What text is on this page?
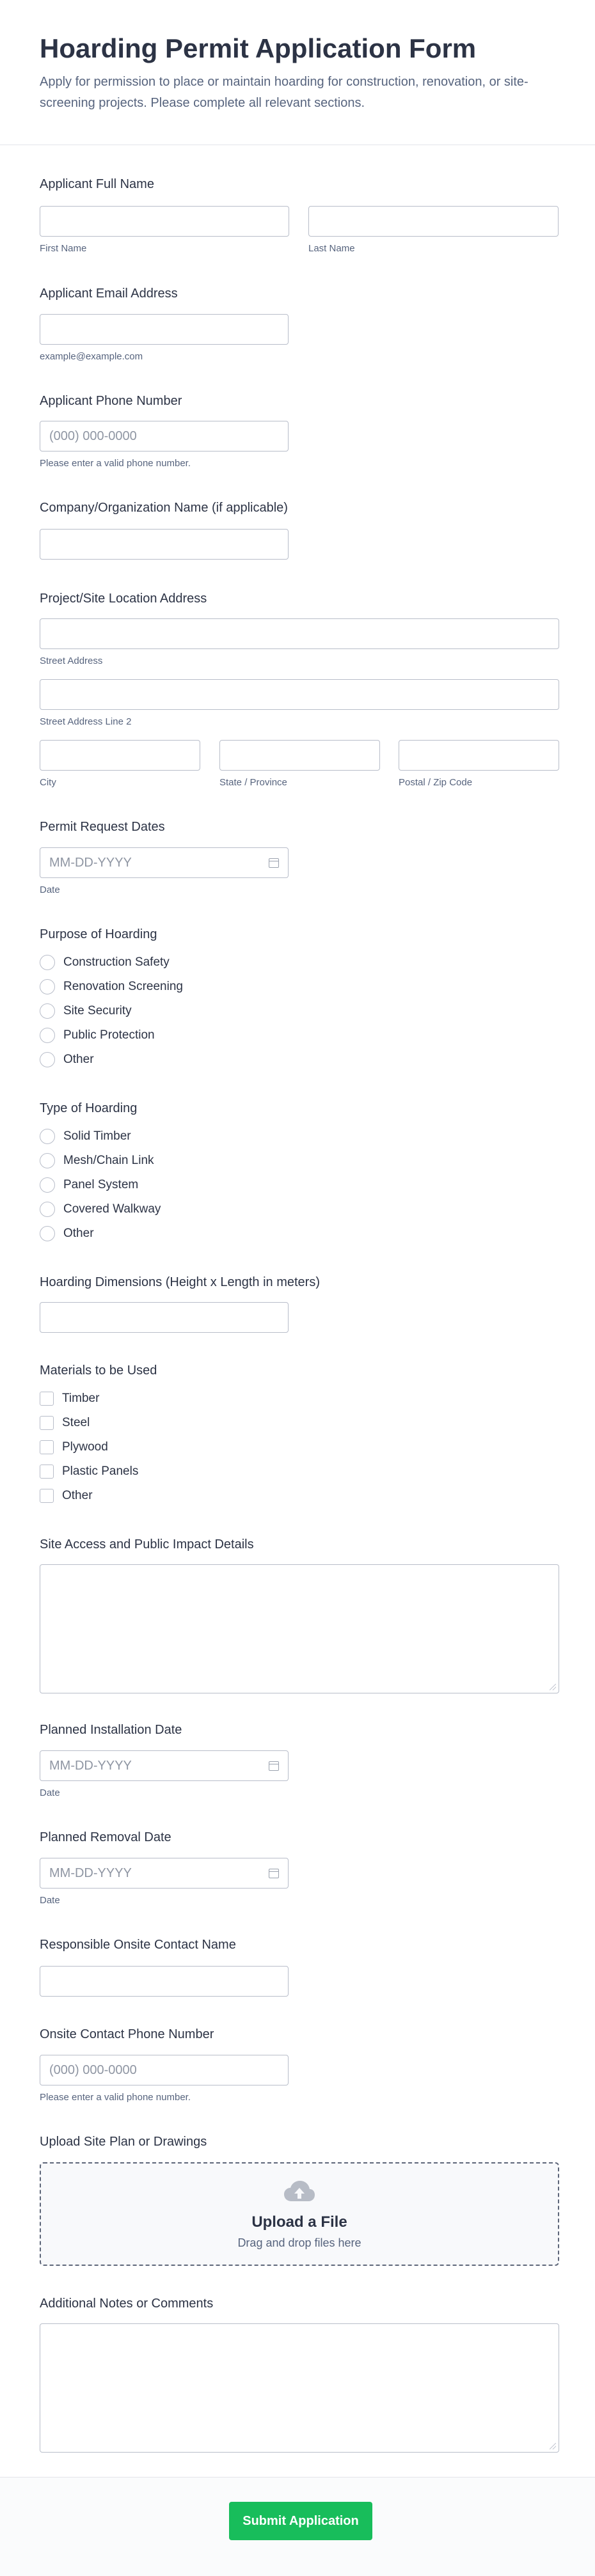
Hoarding Permit Application Form

Apply for permission to place or maintain hoarding for construction, renovation, or site-screening projects. Please complete all relevant sections.

Applicant Full Name
First Name	Last Name
Applicant Email Address
example@example.com
Applicant Phone Number
(000) 000-0000
Please enter a valid phone number.
Company/Organization Name (if applicable)
Project/Site Location Address
Street Address
Street Address Line 2
City	State / Province	Postal / Zip Code
Permit Request Dates
MM-DD-YYYY
Date
Purpose of Hoarding
Construction Safety
Renovation Screening
Site Security
Public Protection
Other
Type of Hoarding
Solid Timber
Mesh/Chain Link
Panel System
Covered Walkway
Other
Hoarding Dimensions (Height x Length in meters)
Materials to be Used
Timber
Steel
Plywood
Plastic Panels
Other
Site Access and Public Impact Details
Planned Installation Date
MM-DD-YYYY
Date
Planned Removal Date
MM-DD-YYYY
Date
Responsible Onsite Contact Name
Onsite Contact Phone Number
(000) 000-0000
Please enter a valid phone number.
Upload Site Plan or Drawings
Upload a File
Drag and drop files here
Additional Notes or Comments
Submit Application
